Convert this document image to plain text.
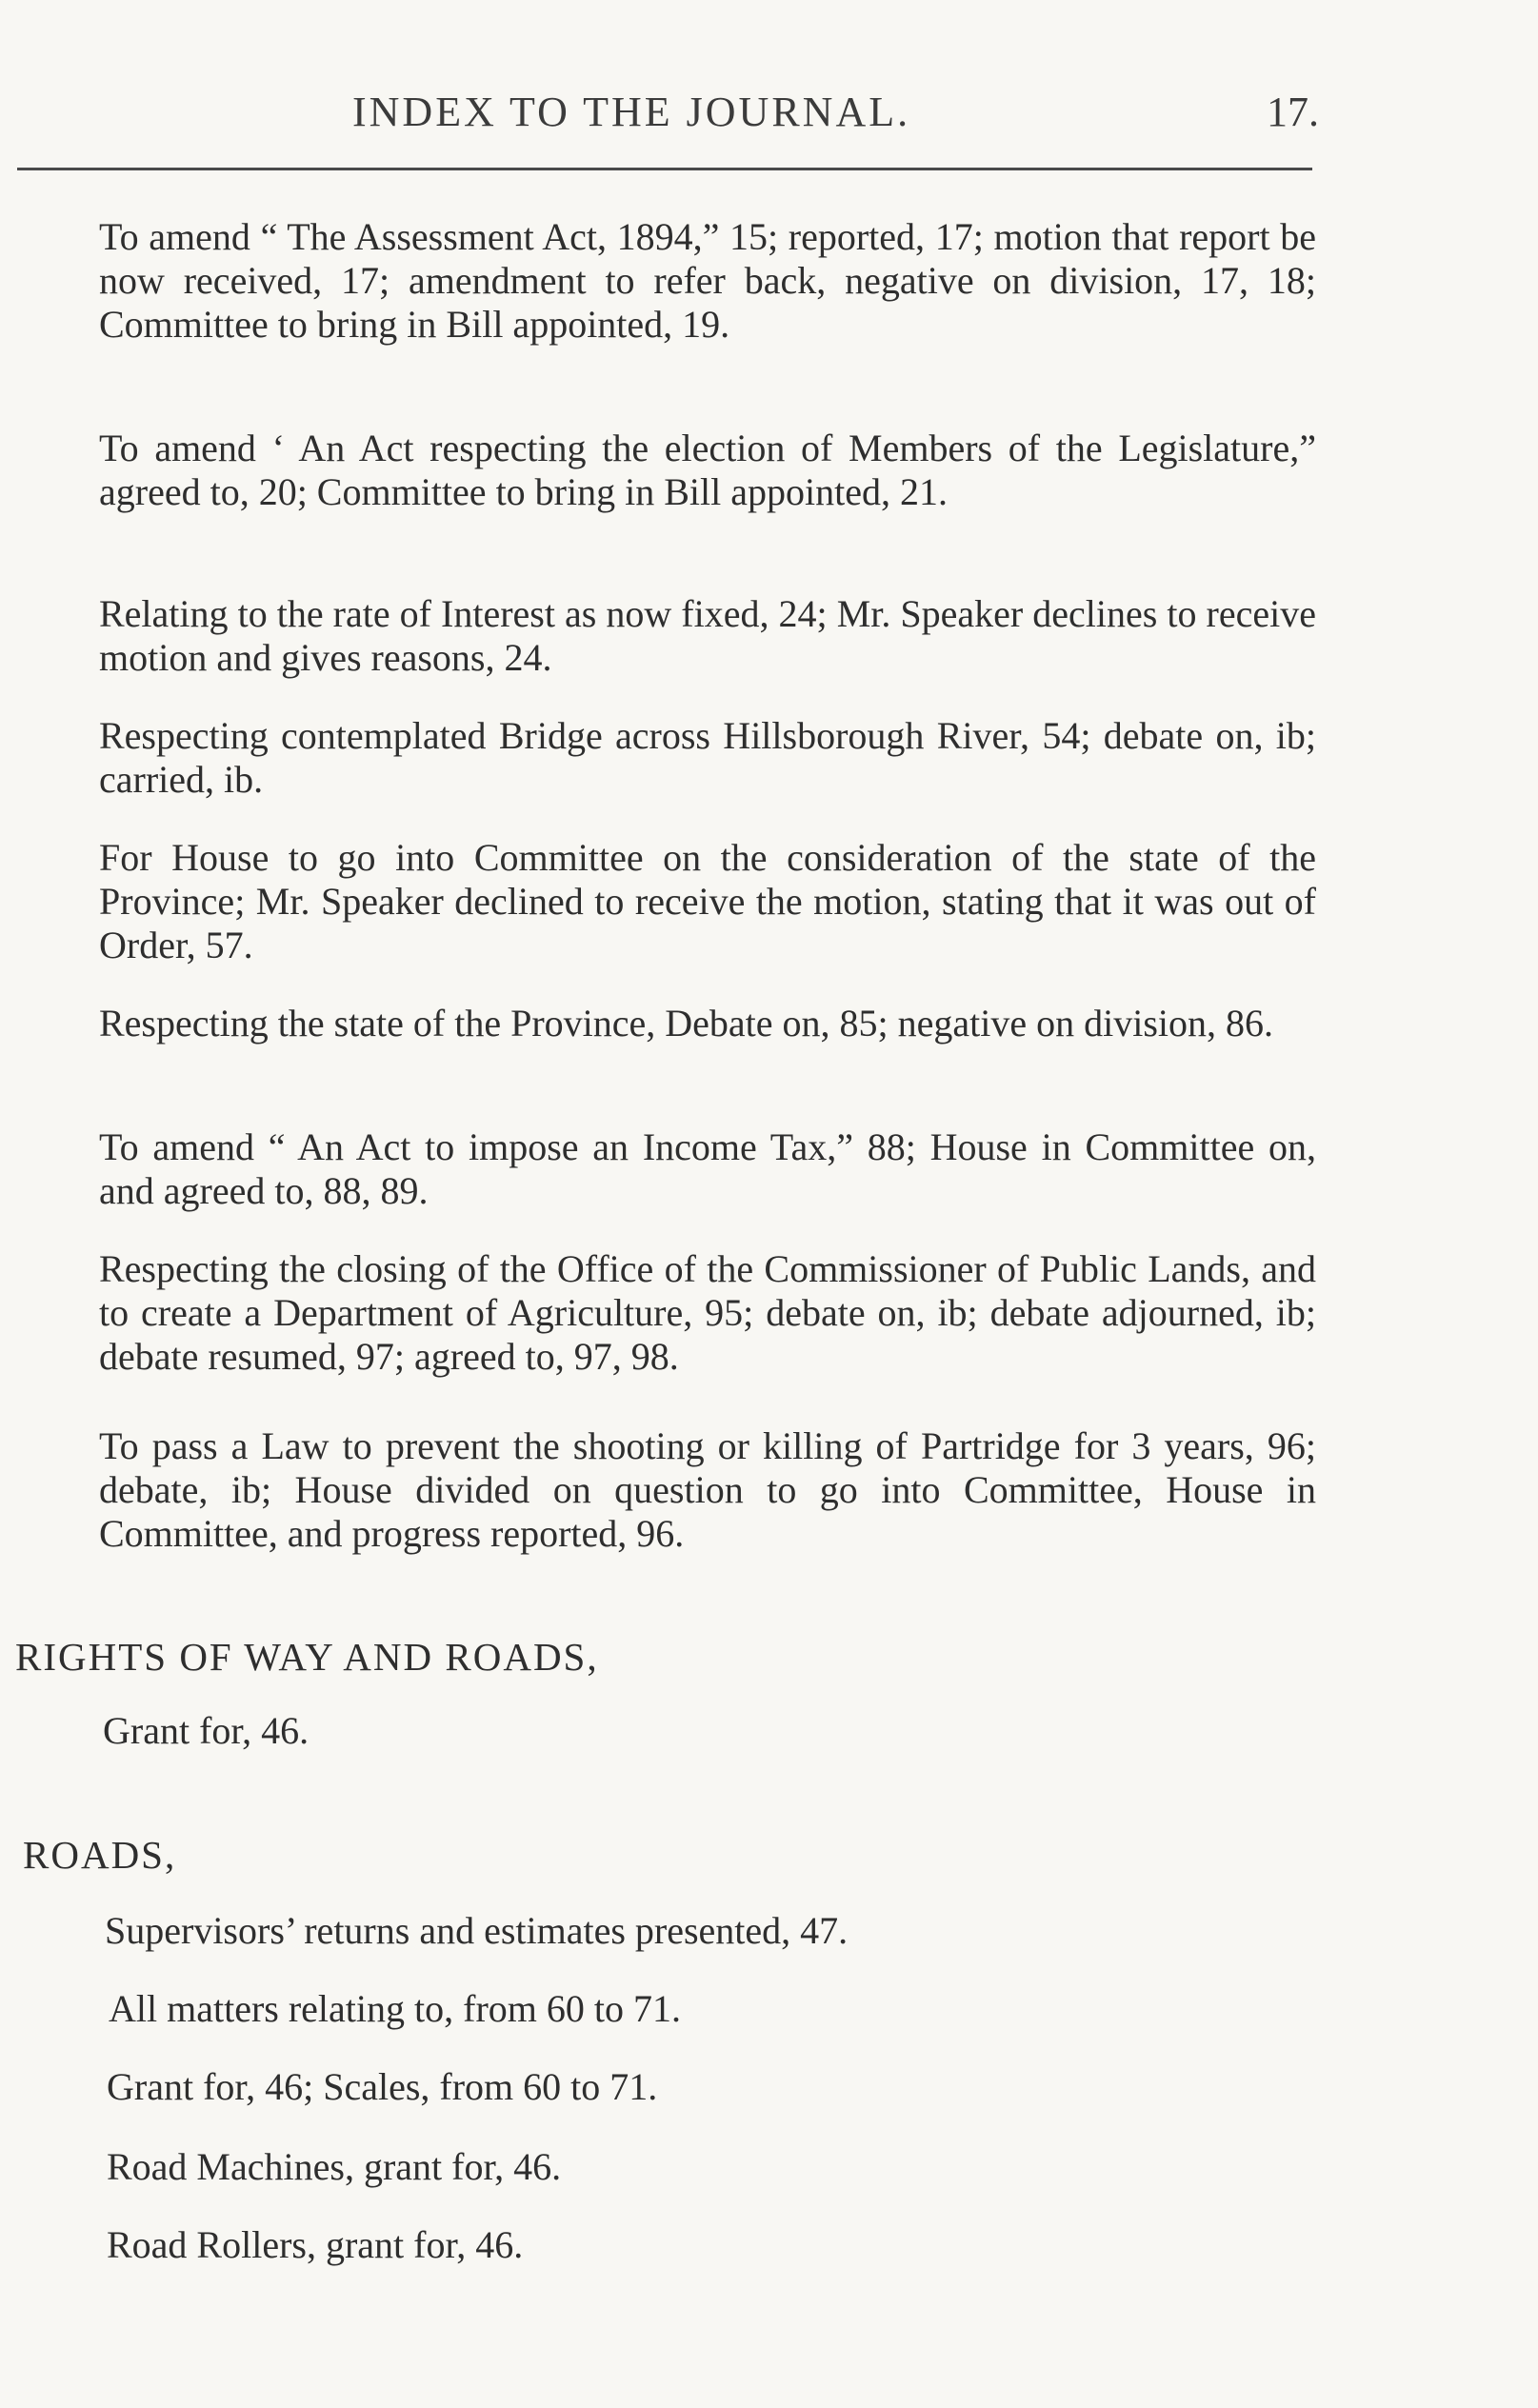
INDEX TO THE JOURNAL.	17.

To amend “ The Assessment Act, 1894,” 15; reported, 17; motion that report be now received, 17; amendment to refer back, negative on division, 17, 18; Committee to bring in Bill appointed, 19.

To amend ‘ An Act respecting the election of Members of the Legislature,” agreed to, 20; Committee to bring in Bill appointed, 21.

Relating to the rate of Interest as now fixed, 24; Mr. Speaker declines to receive motion and gives reasons, 24.

Respecting contemplated Bridge across Hillsborough River, 54; debate on, ib; carried, ib.

For House to go into Committee on the consideration of the state of the Province; Mr. Speaker declined to receive the motion, stating that it was out of Order, 57.

Respecting the state of the Province, Debate on, 85; negative on division, 86.

To amend “ An Act to impose an Income Tax,” 88; House in Committee on, and agreed to, 88, 89.

Respecting the closing of the Office of the Commissioner of Public Lands, and to create a Department of Agriculture, 95; debate on, ib; debate adjourned, ib; debate resumed, 97; agreed to, 97, 98.

To pass a Law to prevent the shooting or killing of Partridge for 3 years, 96; debate, ib; House divided on question to go into Committee, House in Committee, and progress reported, 96.

RIGHTS OF WAY AND ROADS,
Grant for, 46.
ROADS,
Supervisors’ returns and estimates presented, 47.
All matters relating to, from 60 to 71.
Grant for, 46; Scales, from 60 to 71.
Road Machines, grant for, 46.
Road Rollers, grant for, 46.
